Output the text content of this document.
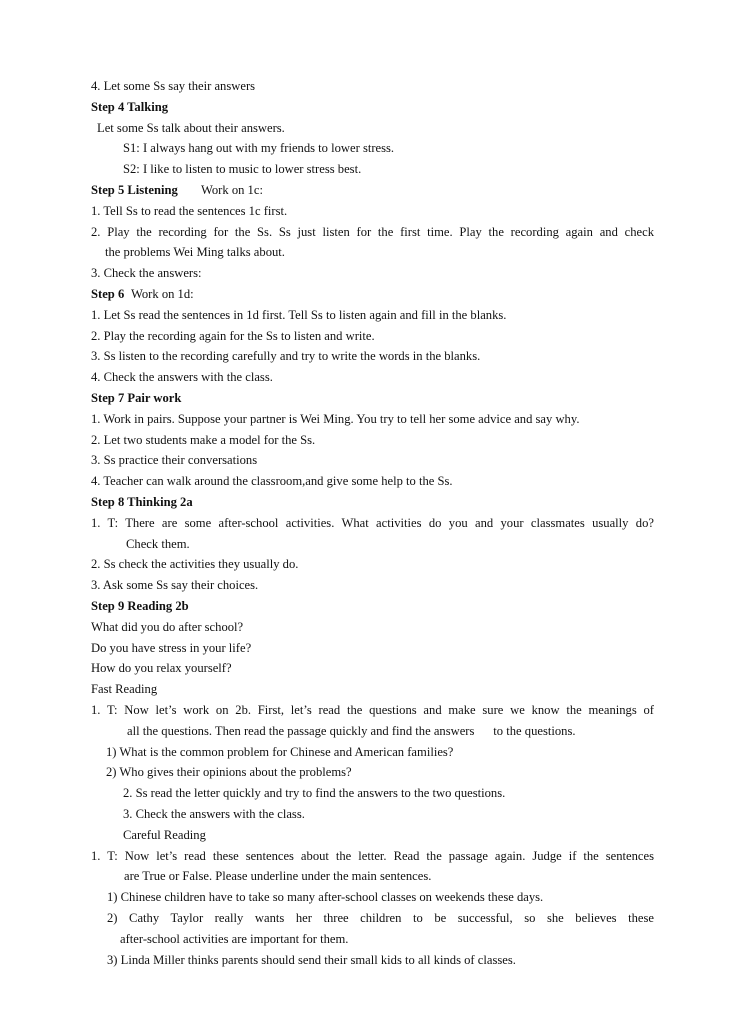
4. Let some Ss say their answers
Step 4 Talking
Let some Ss talk about their answers.
S1: I always hang out with my friends to lower stress.
S2: I like to listen to music to lower stress best.
Step 5 Listening Work on 1c:
1. Tell Ss to read the sentences 1c first.
2. Play the recording for the Ss. Ss just listen for the first time. Play the recording again and check
the problems Wei Ming talks about.
3. Check the answers:
Step 6 Work on 1d:
1. Let Ss read the sentences in 1d first. Tell Ss to listen again and fill in the blanks.
2. Play the recording again for the Ss to listen and write.
3. Ss listen to the recording carefully and try to write the words in the blanks.
4. Check the answers with the class.
Step 7 Pair work
1. Work in pairs. Suppose your partner is Wei Ming. You try to tell her some advice and say why.
2. Let two students make a model for the Ss.
3. Ss practice their conversations
4. Teacher can walk around the classroom,and give some help to the Ss.
Step 8 Thinking 2a
1. T: There are some after-school activities. What activities do you and your classmates usually do?
Check them.
2. Ss check the activities they usually do.
3. Ask some Ss say their choices.
Step 9 Reading 2b
What did you do after school?
Do you have stress in your life?
How do you relax yourself?
Fast Reading
1. T: Now let’s work on 2b. First, let’s read the questions and make sure we know the meanings of
all the questions. Then read the passage quickly and find the answers      to the questions.
1) What is the common problem for Chinese and American families?
2) Who gives their opinions about the problems?
2. Ss read the letter quickly and try to find the answers to the two questions.
3. Check the answers with the class.
Careful Reading
1. T: Now let’s read these sentences about the letter. Read the passage again. Judge if the sentences
are True or False. Please underline under the main sentences.
1) Chinese children have to take so many after-school classes on weekends these days.
2) Cathy Taylor really wants her three children to be successful, so she believes these
after-school activities are important for them.
3) Linda Miller thinks parents should send their small kids to all kinds of classes.
